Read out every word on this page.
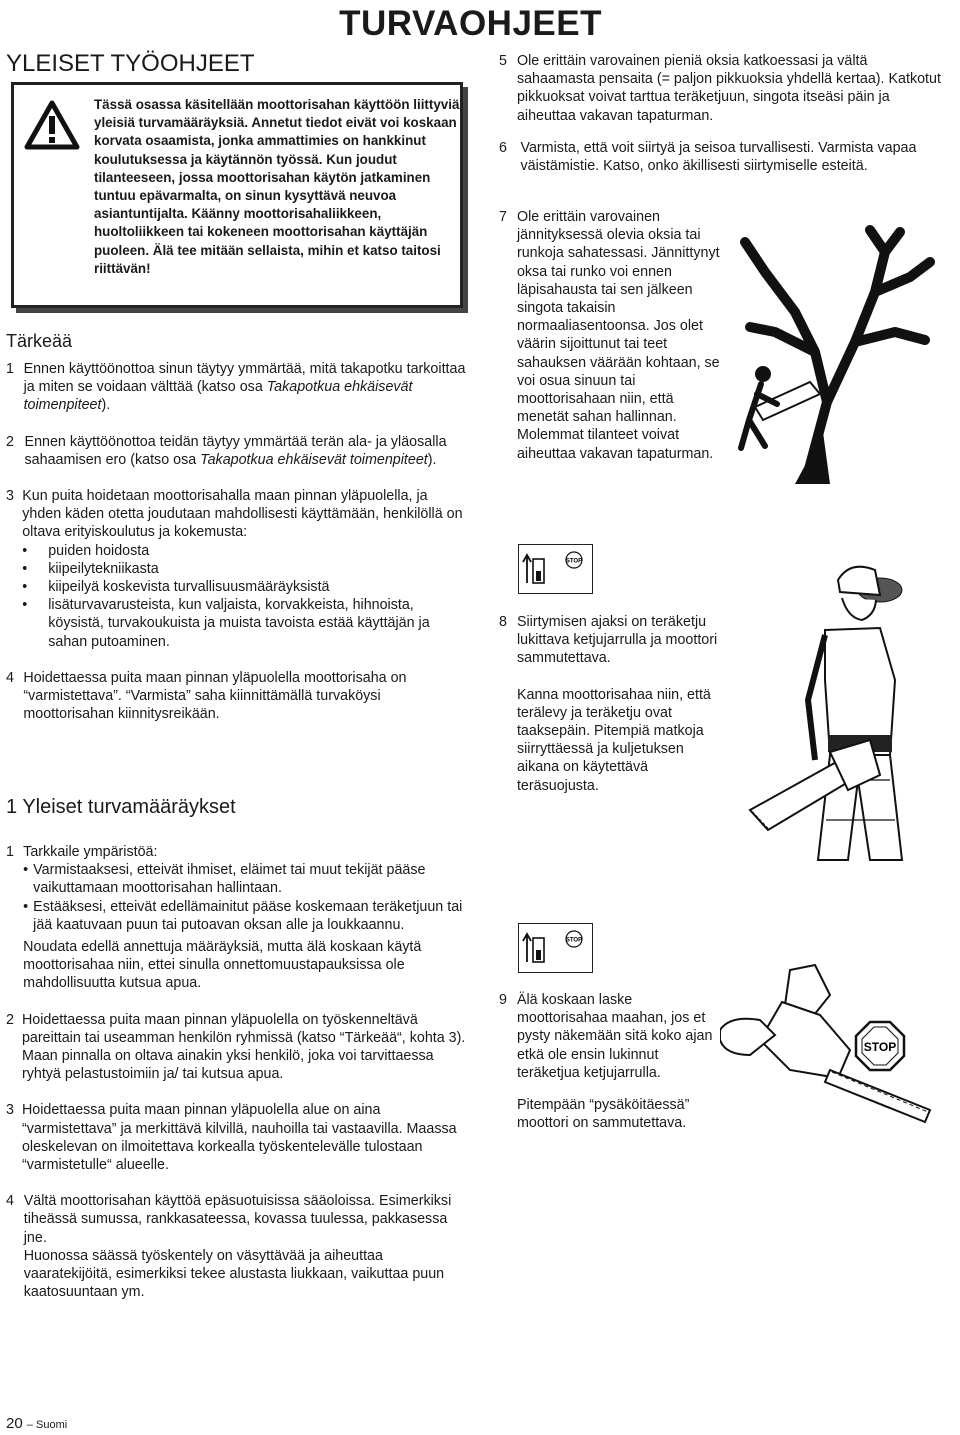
TURVAOHJEET
YLEISET TYÖOHJEET
Tässä osassa käsitellään moottorisahan käyttöön liittyviä yleisiä turvamääräyksiä. Annetut tiedot eivät voi koskaan korvata osaamista, jonka ammattimies on hankkinut koulutuksessa ja käytännön työssä. Kun joudut tilanteeseen, jossa moottorisahan käytön jatkaminen tuntuu epävarmalta, on sinun kysyttävä neuvoa asiantuntijalta. Käänny moottorisahaliikkeen, huoltoliikkeen tai kokeneen moottorisahan käyttäjän puoleen. Älä tee mitään sellaista, mihin et katso taitosi riittävän!
Tärkeää
1 Ennen käyttöönottoa sinun täytyy ymmärtää, mitä takapotku tarkoittaa ja miten se voidaan välttää (katso osa Takapotkua ehkäisevät toimenpiteet).
2 Ennen käyttöönottoa teidän täytyy ymmärtää terän ala- ja yläosalla sahaamisen ero (katso osa Takapotkua ehkäisevät toimenpiteet).
3 Kun puita hoidetaan moottorisahalla maan pinnan yläpuolella, ja yhden käden otetta joudutaan mahdollisesti käyttämään, henkilöllä on oltava erityiskoulutus ja kokemusta:
• puiden hoidosta
• kiipeilytekniikasta
• kiipeilyä koskevista turvallisuusmääräyksistä
• lisäturvavarusteista, kun valjaista, korvakkeista, hihnoista, köysistä, turvakoukuista ja muista tavoista estää käyttäjän ja sahan putoaminen.
4 Hoidettaessa puita maan pinnan yläpuolella moottorisaha on “varmistettava”. “Varmista” saha kiinnittämällä turvaköysi moottorisahan kiinnitysreikään.
1 Yleiset turvamääräykset
1 Tarkkaile ympäristöä:
• Varmistaaksesi, etteivät ihmiset, eläimet tai muut tekijät pääse vaikuttamaan moottorisahan hallintaan.
• Estääksesi, etteivät edellämainitut pääse koskemaan teräketjuun tai jää kaatuvaan puun tai putoavan oksan alle ja loukkaannu.
Noudata edellä annettuja määräyksiä, mutta älä koskaan käytä moottorisahaa niin, ettei sinulla onnettomuustapauksissa ole mahdollisuutta kutsua apua.
2 Hoidettaessa puita maan pinnan yläpuolella on työskenneltävä pareittain tai useamman henkilön ryhmissä (katso “Tärkeää“, kohta 3). Maan pinnalla on oltava ainakin yksi henkilö, joka voi tarvittaessa ryhtyä pelastustoimiin ja/ tai kutsua apua.
3 Hoidettaessa puita maan pinnan yläpuolella alue on aina “varmistettava” ja merkittävä kilvillä, nauhoilla tai vastaavilla. Maassa oleskelevan on ilmoitettava korkealla työskentelevälle tulostaan “varmistetulle“ alueelle.
4 Vältä moottorisahan käyttöä epäsuotuisissa sääoloissa. Esimerkiksi tiheässä sumussa, rankkasateessa, kovassa tuulessa, pakkasessa jne.
Huonossa säässä työskentely on väsyttävää ja aiheuttaa vaaratekijöitä, esimerkiksi tekee alustasta liukkaan, vaikuttaa puun kaatosuuntaan ym.
5 Ole erittäin varovainen pieniä oksia katkoessasi ja vältä sahaamasta pensaita (= paljon pikkuoksia yhdellä kertaa). Katkotut pikkuoksat voivat tarttua teräketjuun, singota itseäsi päin ja aiheuttaa vakavan tapaturman.
6 Varmista, että voit siirtyä ja seisoa turvallisesti. Varmista vapaa väistämistie. Katso, onko äkillisesti siirtymiselle esteitä.
7 Ole erittäin varovainen jännityksessä olevia oksia tai runkoja sahatessasi. Jännittynyt oksa tai runko voi ennen läpisahausta tai sen jälkeen singota takaisin normaaliasentoonsa. Jos olet väärin sijoittunut tai teet sahauksen väärään kohtaan, se voi osua sinuun tai moottorisahaan niin, että menetät sahan hallinnan. Molemmat tilanteet voivat aiheuttaa vakavan tapaturman.
STOP
8 Siirtymisen ajaksi on teräketju lukittava ketjujarrulla ja moottori sammutettava.
Kanna moottorisahaa niin, että terälevy ja teräketju ovat taaksepäin. Pitempiä matkoja siirryttäessä ja kuljetuksen aikana on käytettävä teräsuojusta.
STOP
STOP
9 Älä koskaan laske moottorisahaa maahan, jos et pysty näkemään sitä koko ajan etkä ole ensin lukinnut teräketjua ketjujarrulla.
Pitempään “pysäköitäessä” moottori on sammutettava.
20 – Suomi
